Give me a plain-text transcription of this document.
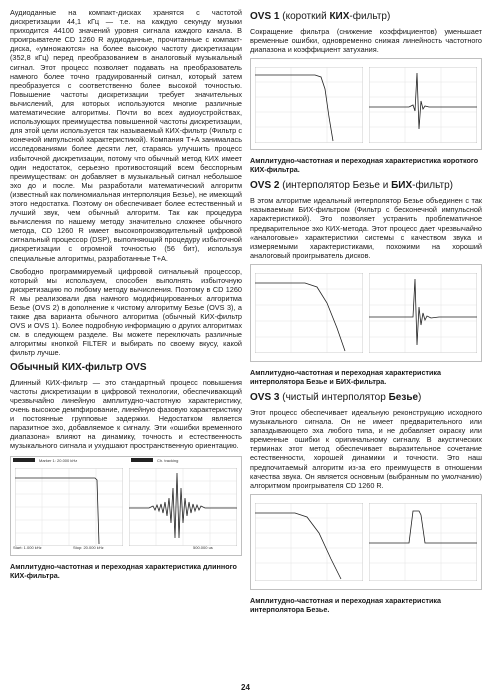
Аудиоданные на компакт-дисках хранятся с частотой дискретизации 44,1 кГц — т.е. на каждую секунду музыки приходится 44100 значений уровня сигнала каждого канала. В проигрывателе CD 1260 R аудиоданные, прочитанные с компакт-диска, «умножаются» на более высокую частоту дискретизации (352,8 кГц) перед преобразованием в аналоговый музыкальный сигнал. Этот процесс позволяет подавать на преобразователь намного более точно градуированный сигнал, который затем преобразуется с соответственно более высокой точностью. Повышение частоты дискретизации требует значительных вычислений, для которых используются многие различные математические алгоритмы. Почти во всех аудиоустройствах, использующих преимущества повышенной частоты дискретизации, для этой цели используется так называемый КИХ-фильтр (Фильтр с конечной импульсной характеристикой). Компания T+A занималась исследованиями более десяти лет, стараясь улучшить процесс избыточной дискретизации, потому что обычный метод КИХ имеет один недостаток, серьезно противостоящий всем бесспорным преимуществам: он добавляет в музыкальный сигнал небольшое эхо до и после. Мы разработали математический алгоритм (известный как полиномиальная интерполяция Безье), не имеющий этого недостатка. Поэтому он обеспечивает более естественный и лучший звук, чем обычный алгоритм. Так как процедура вычисления по нашему методу значительно сложнее обычного метода, CD 1260 R имеет высокопроизводительный цифровой сигнальный процессор (DSP), выполняющий процедуру избыточной дискретизации с огромной точностью (56 бит), используя специальные алгоритмы, разработанные T+A.

Свободно программируемый цифровой сигнальный процессор, который мы используем, способен выполнять избыточную дискретизацию по любому методу вычисления. Поэтому в CD 1260 R мы реализовали два намного модифицированных алгоритма Безье (OVS 2) в дополнение к чистому алгоритму Безье (OVS 3), а также два варианта обычного алгоритма (обычный КИХ-фильтр OVS и OVS 1). Более подробную информацию о других алгоритмах см. в следующем разделе. Вы можете переключать различные алгоритмы кнопкой FILTER и выбирать по своему вкусу, какой фильтр лучше.

Обычный КИХ-фильтр OVS

Длинный КИХ-фильтр — это стандартный процесс повышения частоты дискретизации в цифровой технологии, обеспечивающий чрезвычайно линейную амплитудно-частотную характеристику, очень высокое демпфирование, линейную фазовую характеристику и постоянные групповые задержки. Недостатком является паразитное эхо, добавляемое к сигналу. Эти «ошибки временного диапазона» влияют на динамику, точность и естественность музыкального сигнала и ухудшают пространственную ориентацию.

Marker 1: 20.000 kHz	Ch. tracking
Start: 1.000 kHz	Stop: 20.000 kHz	500.000 us

Амплитудно-частотная и переходная характеристика длинного КИХ-фильтра.

OVS 1 (короткий КИХ-фильтр)

Сокращение фильтра (снижение коэффициентов) уменьшает временные ошибки, одновременно снижая линейность частотного диапазона и коэффициент затухания.

Амплитудно-частотная и переходная характеристика короткого КИХ-фильтра.

OVS 2 (интерполятор Безье и БИХ-фильтр)

В этом алгоритме идеальный интерполятор Безье объединен с так называемым БИХ-фильтром (Фильтр с бесконечной импульсной характеристикой). Это позволяет устранить проблематичное предварительное эхо КИХ-метода. Этот процесс дает чрезвычайно «аналоговые» характеристики системы с качеством звука и измеряемыми характеристиками, похожими на хороший аналоговый проигрыватель дисков.

Амплитудно-частотная и переходная характеристика интерполятора Безье и БИХ-фильтра.

OVS 3 (чистый интерполятор Безье)

Этот процесс обеспечивает идеальную реконструкцию исходного музыкального сигнала. Он не имеет предварительного или запаздывающего эха любого типа, и не добавляет окраску или временные ошибки к оригинальному сигналу. В акустических терминах этот метод обеспечивает выразительное сочетание естественности, хорошей динамики и точности. Это наш предпочитаемый алгоритм из-за его преимуществ в отношении качества звука. Он является основным (выбранным по умолчанию) алгоритмом проигрывателя CD 1260 R.

Амплитудно-частотная и переходная характеристика интерполятора Безье.

24
